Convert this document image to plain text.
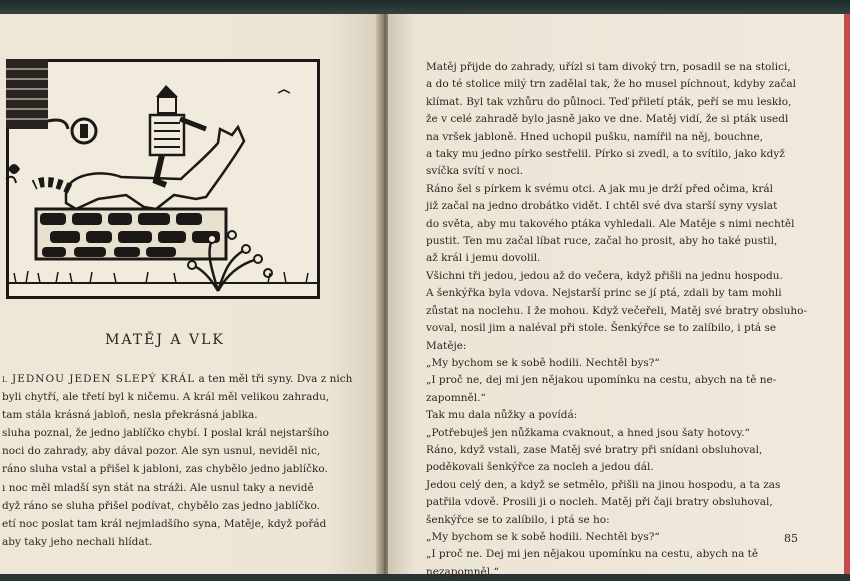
MATĚJ A VLK
l JEDNOU JEDEN SLEPÝ KRÁL a ten měl tři syny. Dva z nich
byli chytří, ale třetí byl k ničemu. A král měl velikou zahradu,
tam stála krásná jabloň, nesla překrásná jablka.
sluha poznal, že jedno jablíčko chybí. I poslal král nejstaršího
noci do zahrady, aby dával pozor. Ale syn usnul, neviděl nic,
ráno sluha vstal a přišel k jabloni, zas chybělo jedno jablíčko.
ı noc měl mladší syn stát na stráži. Ale usnul taky a nevidě
dyž ráno se sluha přišel podívat, chybělo zas jedno jablíčko.
etí noc poslat tam král nejmladšího syna, Matěje, když pořád
aby taky jeho nechali hlídat.
Matěj přijde do zahrady, uřízl si tam divoký trn, posadil se na stolici,
a do té stolice milý trn zadělal tak, že ho musel píchnout, kdyby začal
klímat. Byl tak vzhůru do půlnoci. Teď přiletí pták, peří se mu leskło,
že v celé zahradě bylo jasně jako ve dne. Matěj vidí, že si pták usedl
na vršek jabloně. Hned uchopil pušku, namířil na něj, bouchne,
a taky mu jedno pírko sestřelil. Pírko si zvedl, a to svítilo, jako když
svíčka svítí v noci.
Ráno šel s pírkem k svému otci. A jak mu je drží před očima, král
již začal na jedno drobátko vidět. I chtěl své dva starší syny vyslat
do světa, aby mu takového ptáka vyhledali. Ale Matěje s nimi nechtěl
pustit. Ten mu začal líbat ruce, začal ho prosit, aby ho také pustil,
až král i jemu dovolil.
Všichni tři jedou, jedou až do večera, když přišli na jednu hospodu.
A šenkýřka byla vdova. Nejstarší princ se jí ptá, zdali by tam mohli
zůstat na noclehu. I že mohou. Když večeřeli, Matěj své bratry obsluho-
voval, nosil jim a naléval při stole. Šenkýřce se to zalíbilo, i ptá se
Matěje:
„My bychom se k sobě hodili. Nechtěl bys?“
„I proč ne, dej mi jen nějakou upomínku na cestu, abych na tě ne-
zapomněl.“
Tak mu dala nůžky a povídá:
„Potřebuješ jen nůžkama cvaknout, a hned jsou šaty hotovy.“
Ráno, když vstali, zase Matěj své bratry při snídani obsluhoval,
poděkovali šenkýřce za nocleh a jedou dál.
Jedou celý den, a když se setmělo, přišli na jinou hospodu, a ta zas
patřila vdově. Prosili ji o nocleh. Matěj při čaji bratry obsluhoval,
šenkýřce se to zalíbilo, i ptá se ho:
„My bychom se k sobě hodili. Nechtěl bys?“
„I proč ne. Dej mi jen nějakou upomínku na cestu, abych na tě
nezapomněl.“
85
